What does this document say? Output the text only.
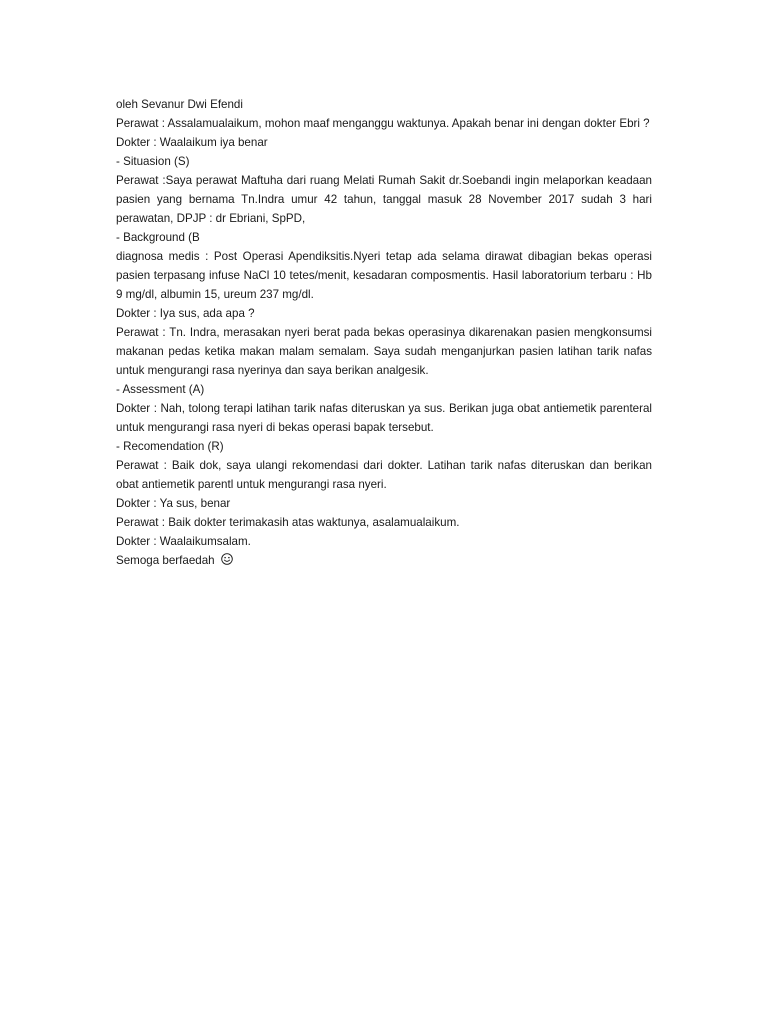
oleh Sevanur Dwi Efendi

Perawat : Assalamualaikum, mohon maaf menganggu waktunya. Apakah benar ini dengan dokter Ebri ?

Dokter : Waalaikum iya benar

- Situasion (S)

Perawat :Saya perawat Maftuha dari ruang Melati Rumah Sakit dr.Soebandi ingin melaporkan keadaan pasien yang bernama Tn.Indra umur 42 tahun, tanggal masuk 28 November 2017 sudah 3 hari perawatan, DPJP : dr Ebriani, SpPD,

- Background (B

diagnosa medis : Post Operasi Apendiksitis.Nyeri tetap ada selama dirawat dibagian bekas operasi pasien terpasang infuse NaCl 10 tetes/menit, kesadaran composmentis. Hasil laboratorium terbaru : Hb 9 mg/dl, albumin 15, ureum 237 mg/dl.

Dokter : Iya sus, ada apa ?

Perawat : Tn. Indra, merasakan nyeri berat pada bekas operasinya dikarenakan pasien mengkonsumsi makanan pedas ketika makan malam semalam. Saya sudah menganjurkan pasien latihan tarik nafas untuk mengurangi rasa nyerinya dan saya berikan analgesik.

- Assessment (A)

Dokter : Nah, tolong terapi latihan tarik nafas diteruskan ya sus. Berikan juga obat antiemetik parenteral untuk mengurangi rasa nyeri di bekas operasi bapak tersebut.

- Recomendation (R)

Perawat : Baik dok, saya ulangi rekomendasi dari dokter. Latihan tarik nafas diteruskan dan berikan obat antiemetik parentl untuk mengurangi rasa nyeri.

Dokter : Ya sus, benar

Perawat : Baik dokter terimakasih atas waktunya, asalamualaikum.

Dokter : Waalaikumsalam.

Semoga berfaedah
